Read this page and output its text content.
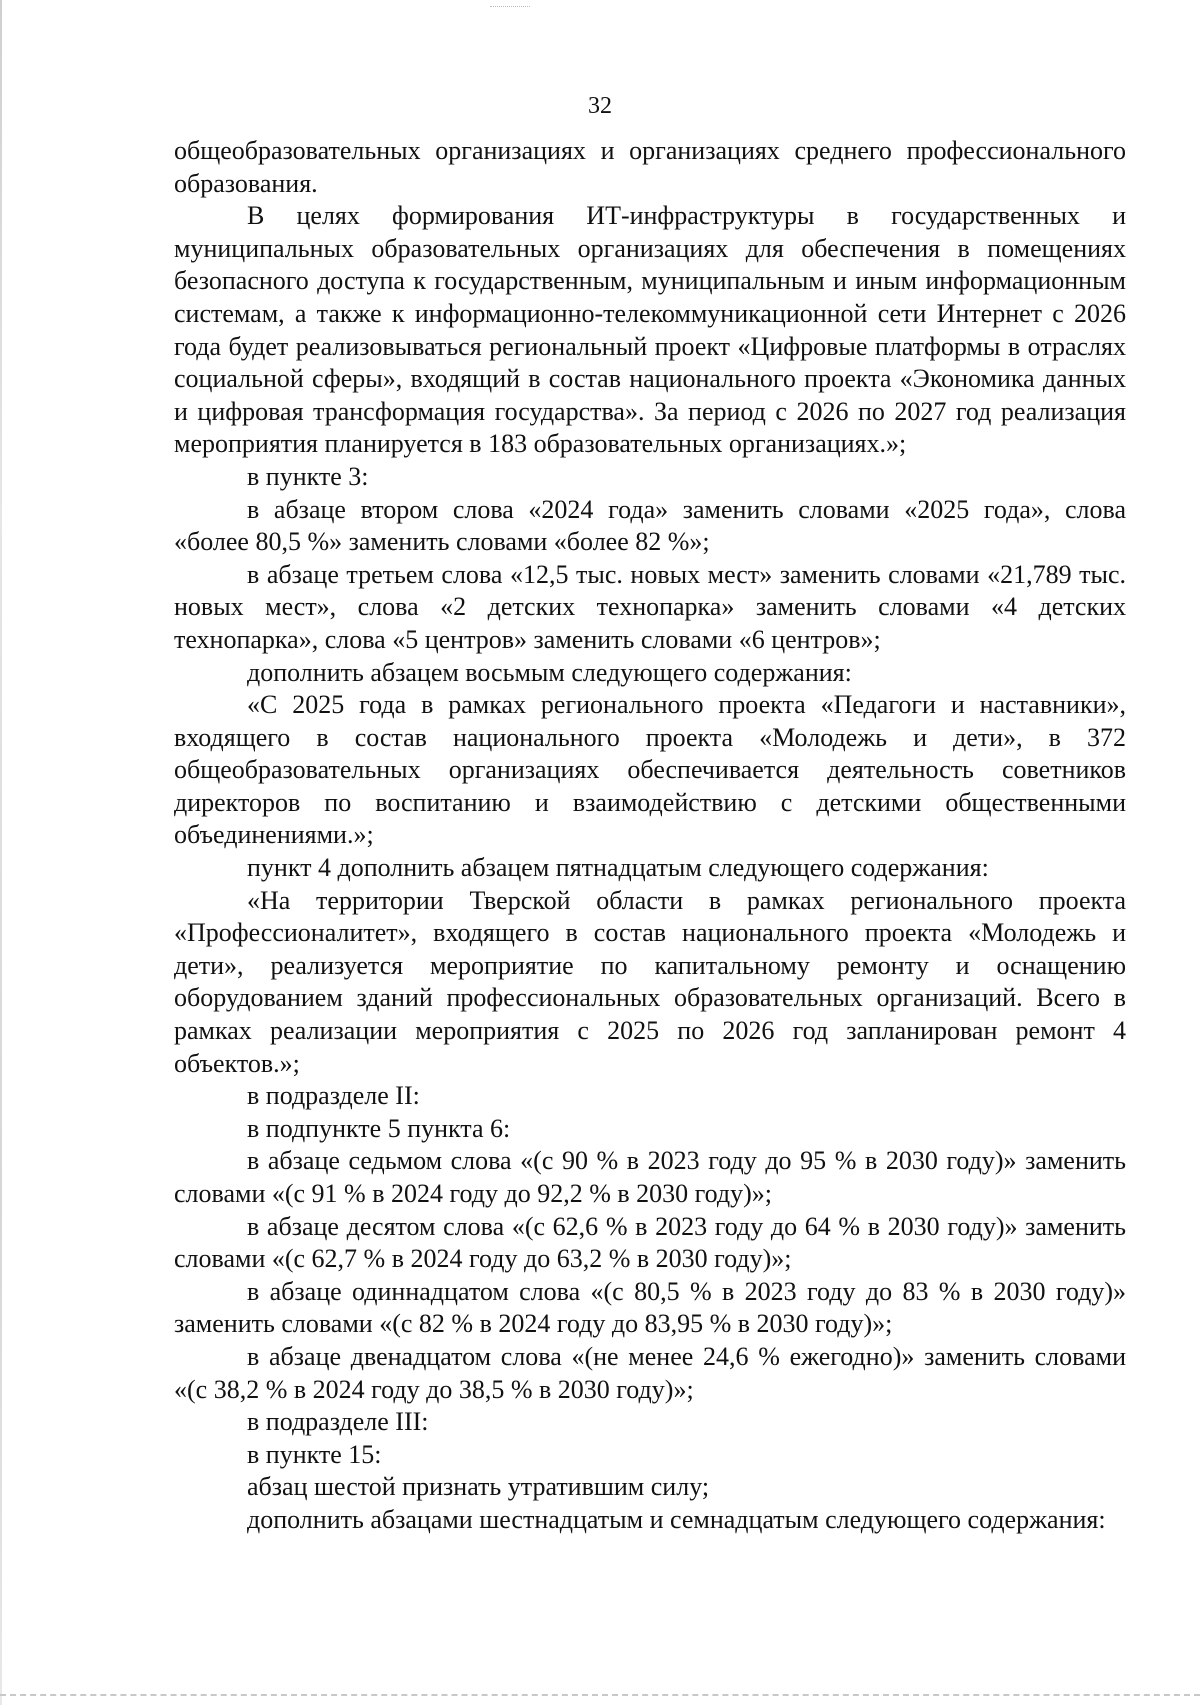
32

общеобразовательных организациях и организациях среднего профессионального образования.

В целях формирования ИТ-инфраструктуры в государственных и муниципальных образовательных организациях для обеспечения в помещениях безопасного доступа к государственным, муниципальным и иным информационным системам, а также к информационно-телекоммуникационной сети Интернет с 2026 года будет реализовываться региональный проект «Цифровые платформы в отраслях социальной сферы», входящий в состав национального проекта «Экономика данных и цифровая трансформация государства». За период с 2026 по 2027 год реализация мероприятия планируется в 183 образовательных организациях.»;

в пункте 3:

в абзаце втором слова «2024 года» заменить словами «2025 года», слова «более 80,5 %» заменить словами «более 82 %»;

в абзаце третьем слова «12,5 тыс. новых мест» заменить словами «21,789 тыс. новых мест», слова «2 детских технопарка» заменить словами «4 детских технопарка», слова «5 центров» заменить словами «6 центров»;

дополнить абзацем восьмым следующего содержания:

«С 2025 года в рамках регионального проекта «Педагоги и наставники», входящего в состав национального проекта «Молодежь и дети», в 372 общеобразовательных организациях обеспечивается деятельность советников директоров по воспитанию и взаимодействию с детскими общественными объединениями.»;

пункт 4 дополнить абзацем пятнадцатым следующего содержания:

«На территории Тверской области в рамках регионального проекта «Профессионалитет», входящего в состав национального проекта «Молодежь и дети», реализуется мероприятие по капитальному ремонту и оснащению оборудованием зданий профессиональных образовательных организаций. Всего в рамках реализации мероприятия с 2025 по 2026 год запланирован ремонт 4 объектов.»;

в подразделе II:

в подпункте 5 пункта 6:

в абзаце седьмом слова «(с 90 % в 2023 году до 95 % в 2030 году)» заменить словами «(с 91 % в 2024 году до 92,2 % в 2030 году)»;

в абзаце десятом слова «(с 62,6 % в 2023 году до 64 % в 2030 году)» заменить словами «(с 62,7 % в 2024 году до 63,2 % в 2030 году)»;

в абзаце одиннадцатом слова «(с 80,5 % в 2023 году до 83 % в 2030 году)» заменить словами «(с 82 % в 2024 году до 83,95 % в 2030 году)»;

в абзаце двенадцатом слова «(не менее 24,6 % ежегодно)» заменить словами «(с 38,2 % в 2024 году до 38,5 % в 2030 году)»;

в подразделе III:

в пункте 15:

абзац шестой признать утратившим силу;

дополнить абзацами шестнадцатым и семнадцатым следующего содержания:
